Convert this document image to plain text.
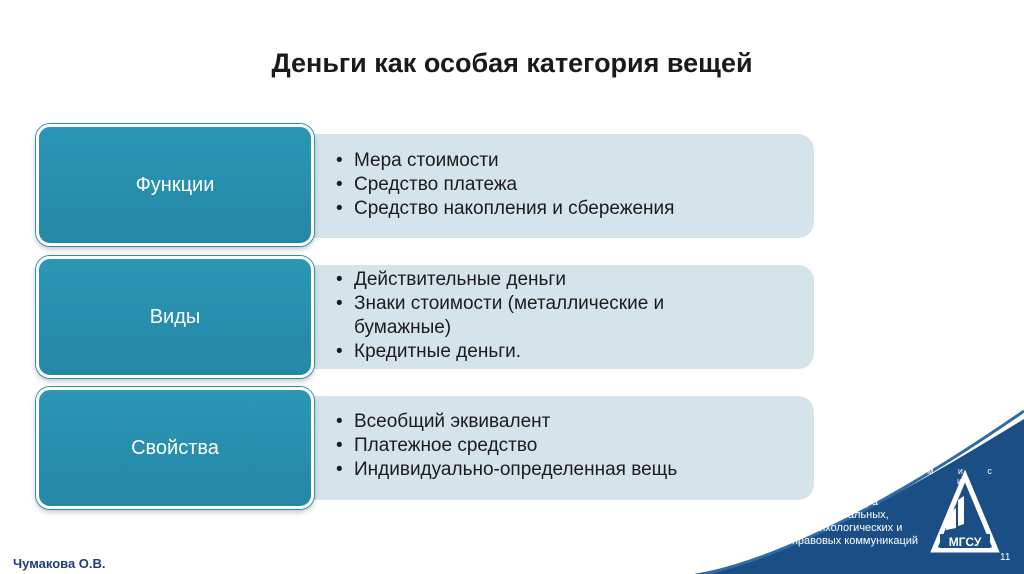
Деньги как особая категория вещей
• Мера стоимости
• Средство платежа
• Средство накопления и сбережения
Функции
• Действительные деньги
• Знаки стоимости (металлические и бумажные)
• Кредитные деньги.
Виды
• Всеобщий эквивалент
• Платежное средство
• Индивидуально-определенная вещь
Свойства
Кафедра
Социальных,
психологических и
правовых коммуникаций
м и с и
МГСУ
11
Чумакова О.В.
